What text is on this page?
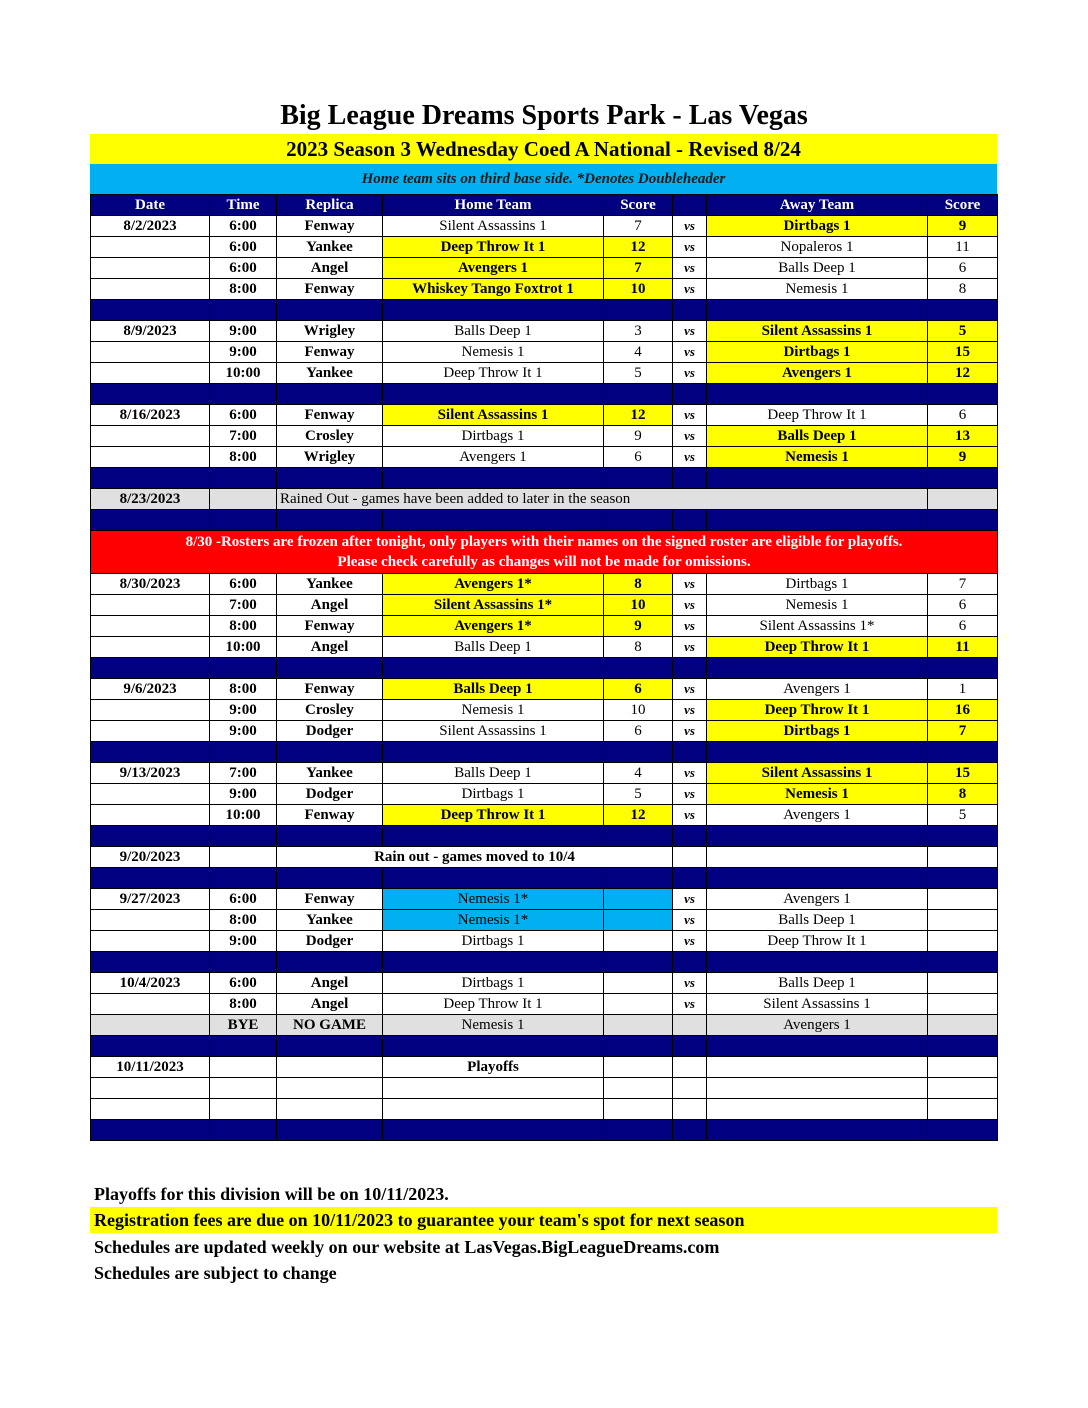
Big League Dreams Sports Park - Las Vegas
2023 Season 3 Wednesday Coed A National - Revised 8/24
Home team sits on third base side. *Denotes Doubleheader
Date	Time	Replica	Home Team	Score		Away Team	Score
8/2/2023	6:00	Fenway	Silent Assassins 1	7	vs	Dirtbags 1	9
	6:00	Yankee	Deep Throw It 1	12	vs	Nopaleros 1	11
	6:00	Angel	Avengers 1	7	vs	Balls Deep 1	6
	8:00	Fenway	Whiskey Tango Foxtrot 1	10	vs	Nemesis 1	8

8/9/2023	9:00	Wrigley	Balls Deep 1	3	vs	Silent Assassins 1	5
	9:00	Fenway	Nemesis 1	4	vs	Dirtbags 1	15
	10:00	Yankee	Deep Throw It 1	5	vs	Avengers 1	12

8/16/2023	6:00	Fenway	Silent Assassins 1	12	vs	Deep Throw It 1	6
	7:00	Crosley	Dirtbags 1	9	vs	Balls Deep 1	13
	8:00	Wrigley	Avengers 1	6	vs	Nemesis 1	9

8/23/2023		Rained Out - games have been added to later in the season					

8/30 -Rosters are frozen after tonight, only players with their names on the signed roster are eligible for playoffs.
Please check carefully as changes will not be made for omissions.							

8/30/2023	6:00	Yankee	Avengers 1*	8	vs	Dirtbags 1	7
	7:00	Angel	Silent Assassins 1*	10	vs	Nemesis 1	6
	8:00	Fenway	Avengers 1*	9	vs	Silent Assassins 1*	6
	10:00	Angel	Balls Deep 1	8	vs	Deep Throw It 1	11

9/6/2023	8:00	Fenway	Balls Deep 1	6	vs	Avengers 1	1
	9:00	Crosley	Nemesis 1	10	vs	Deep Throw It 1	16
	9:00	Dodger	Silent Assassins 1	6	vs	Dirtbags 1	7

9/13/2023	7:00	Yankee	Balls Deep 1	4	vs	Silent Assassins 1	15
	9:00	Dodger	Dirtbags 1	5	vs	Nemesis 1	8
	10:00	Fenway	Deep Throw It 1	12	vs	Avengers 1	5

9/20/2023		Rain out - games moved to 10/4					

9/27/2023	6:00	Fenway	Nemesis 1*		vs	Avengers 1	
	8:00	Yankee	Nemesis 1*		vs	Balls Deep 1	
	9:00	Dodger	Dirtbags 1		vs	Deep Throw It 1	

10/4/2023	6:00	Angel	Dirtbags 1		vs	Balls Deep 1	
	8:00	Angel	Deep Throw It 1		vs	Silent Assassins 1	
	BYE	NO GAME	Nemesis 1			Avengers 1	

10/11/2023			Playoffs				

Playoffs for this division will be on 10/11/2023.
Registration fees are due on 10/11/2023 to guarantee your team's spot for next season
Schedules are updated weekly on our website at LasVegas.BigLeagueDreams.com
Schedules are subject to change
